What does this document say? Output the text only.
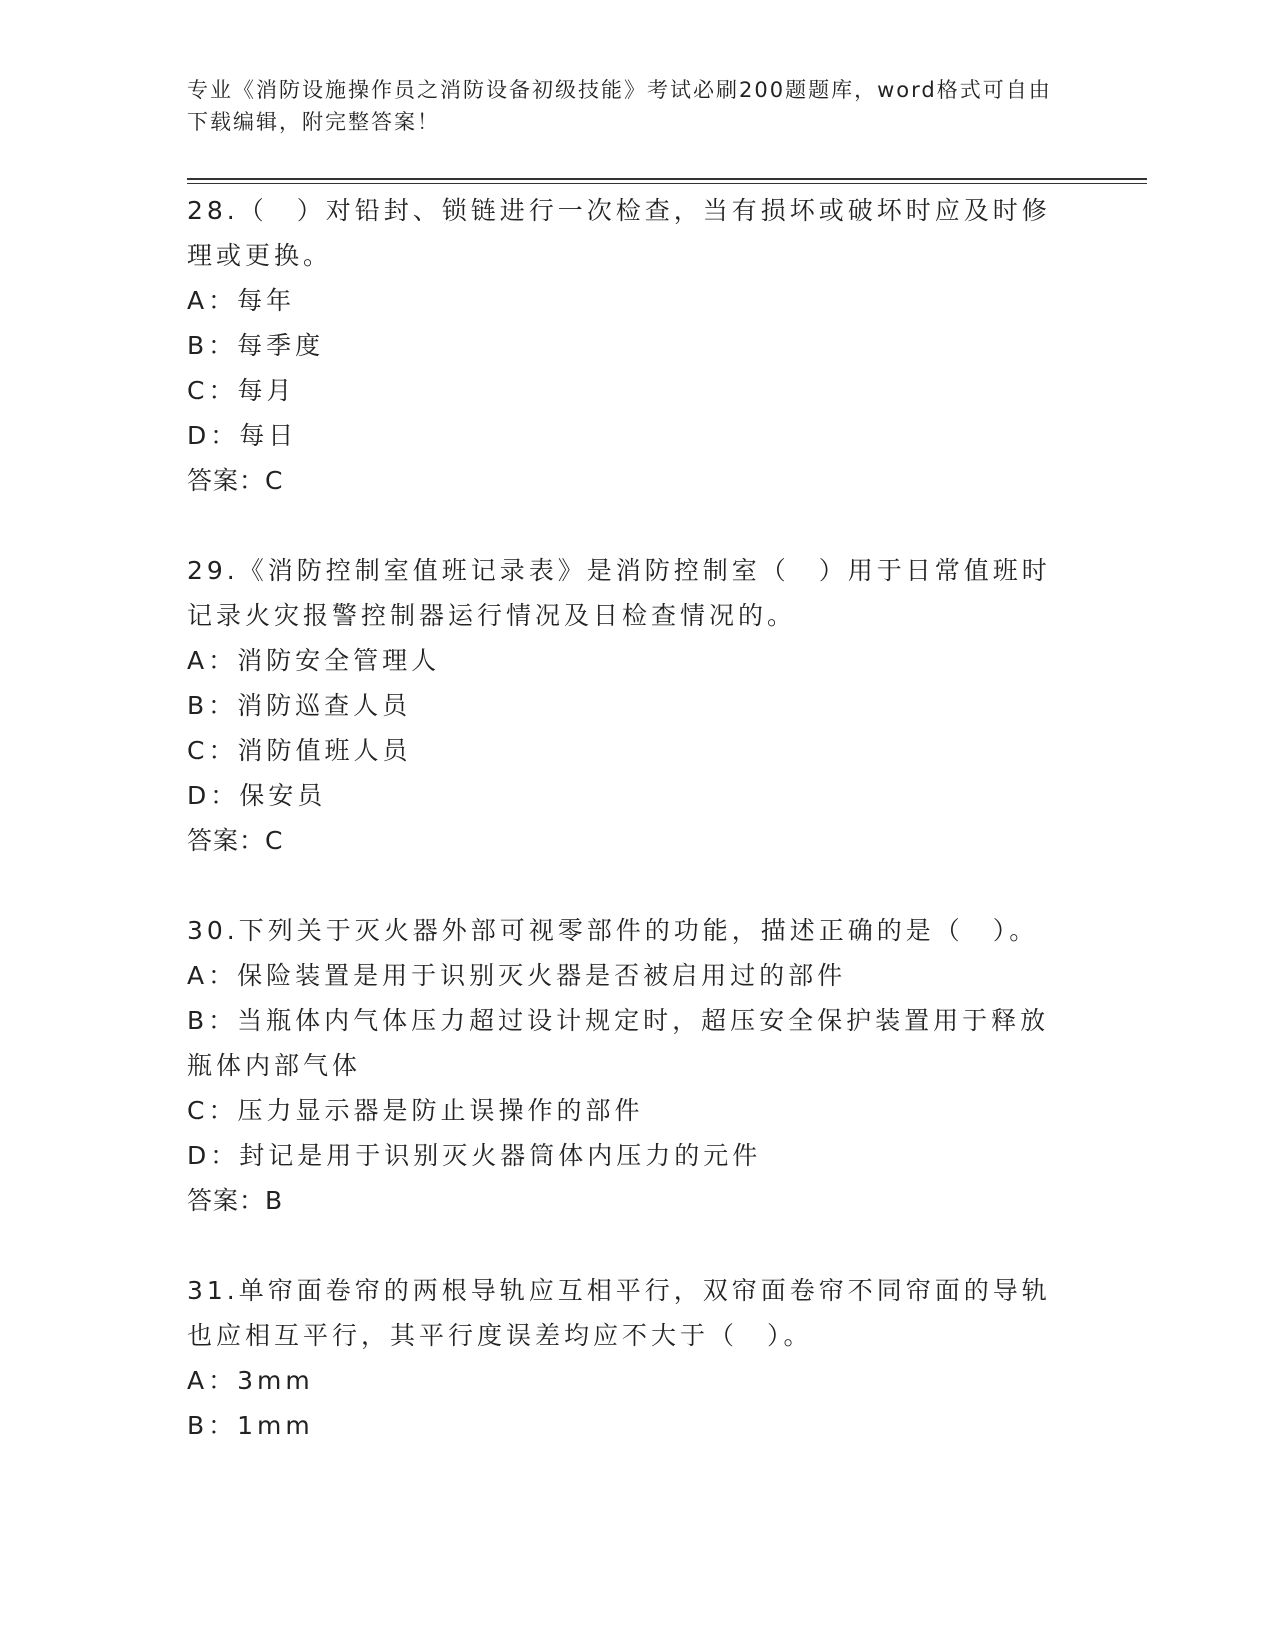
专业《消防设施操作员之消防设备初级技能》考试必刷200题题库，word格式可自由下载编辑，附完整答案！

28.（　）对铅封、锁链进行一次检查，当有损坏或破坏时应及时修理或更换。

A：每年

B：每季度

C：每月

D：每日

答案：C

29.《消防控制室值班记录表》是消防控制室（　）用于日常值班时记录火灾报警控制器运行情况及日检查情况的。

A：消防安全管理人

B：消防巡查人员

C：消防值班人员

D：保安员

答案：C

30.下列关于灭火器外部可视零部件的功能，描述正确的是（　）。

A：保险装置是用于识别灭火器是否被启用过的部件

B：当瓶体内气体压力超过设计规定时，超压安全保护装置用于释放瓶体内部气体

C：压力显示器是防止误操作的部件

D：封记是用于识别灭火器筒体内压力的元件

答案：B

31.单帘面卷帘的两根导轨应互相平行，双帘面卷帘不同帘面的导轨也应相互平行，其平行度误差均应不大于（　）。

A：3mm

B：1mm
